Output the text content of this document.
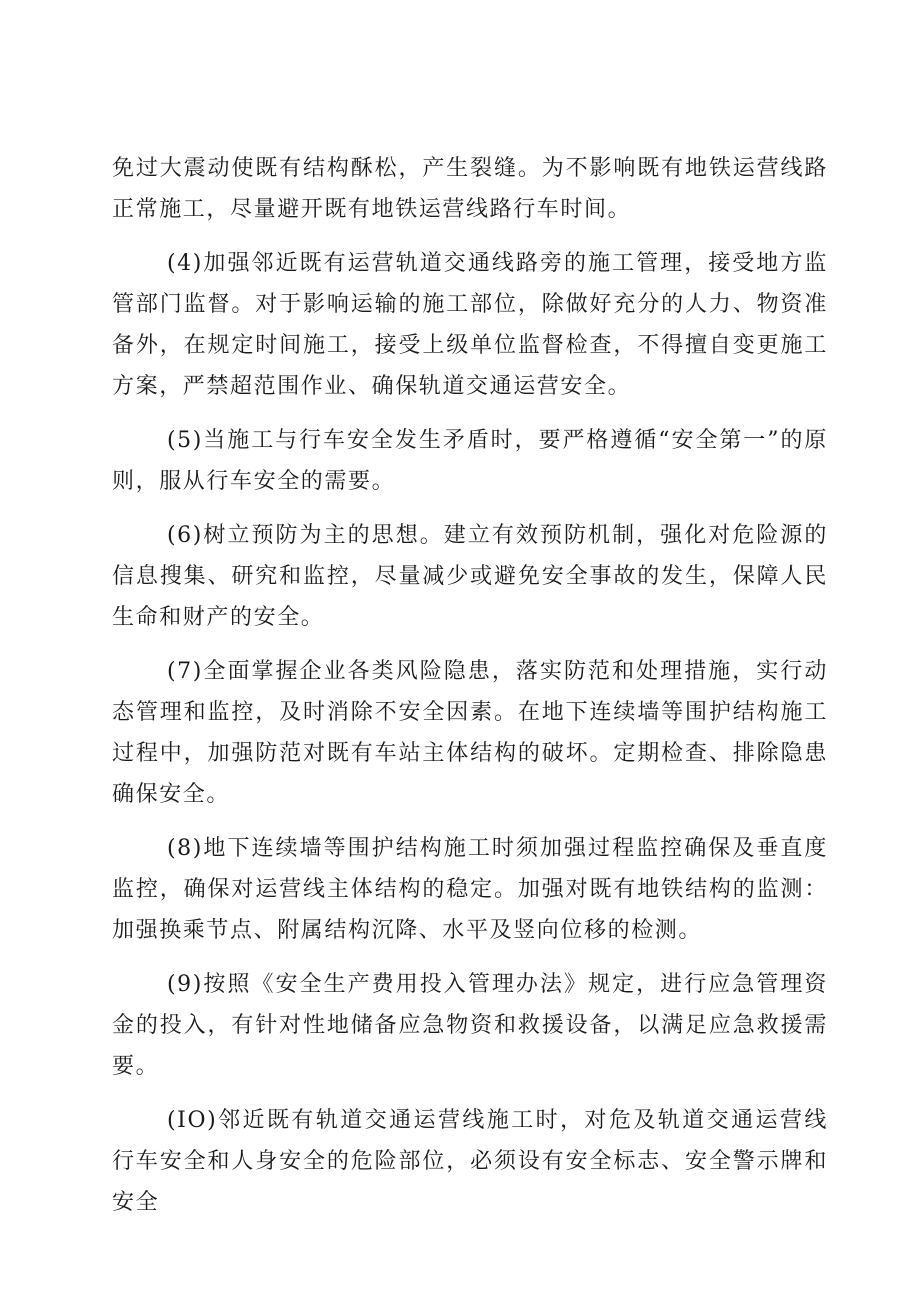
免过大震动使既有结构酥松，产生裂缝。为不影响既有地铁运营线路正常施工，尽量避开既有地铁运营线路行车时间。

(4)加强邻近既有运营轨道交通线路旁的施工管理，接受地方监管部门监督。对于影响运输的施工部位，除做好充分的人力、物资准备外，在规定时间施工，接受上级单位监督检查，不得擅自变更施工方案，严禁超范围作业、确保轨道交通运营安全。

(5)当施工与行车安全发生矛盾时，要严格遵循“安全第一”的原则，服从行车安全的需要。

(6)树立预防为主的思想。建立有效预防机制，强化对危险源的信息搜集、研究和监控，尽量减少或避免安全事故的发生，保障人民生命和财产的安全。

(7)全面掌握企业各类风险隐患，落实防范和处理措施，实行动态管理和监控，及时消除不安全因素。在地下连续墙等围护结构施工过程中，加强防范对既有车站主体结构的破坏。定期检查、排除隐患确保安全。

(8)地下连续墙等围护结构施工时须加强过程监控确保及垂直度监控，确保对运营线主体结构的稳定。加强对既有地铁结构的监测：加强换乘节点、附属结构沉降、水平及竖向位移的检测。

(9)按照《安全生产费用投入管理办法》规定，进行应急管理资金的投入，有针对性地储备应急物资和救援设备，以满足应急救援需要。

(IO)邻近既有轨道交通运营线施工时，对危及轨道交通运营线行车安全和人身安全的危险部位，必须设有安全标志、安全警示牌和安全
